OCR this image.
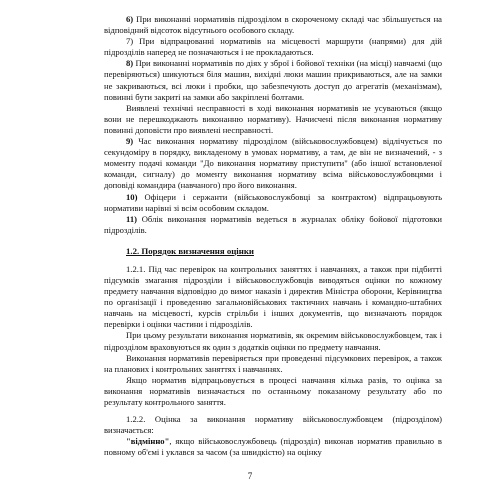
6) При виконанні нормативів підрозділом в скороченому складі час збільшується на відповідний відсоток відсутнього особового складу.

7) При відпрацюванні нормативів на місцевості маршрути (напрями) для дій підрозділів наперед не позначаються і не прокладаються.

8) При виконанні нормативів по діях у зброї і бойової техніки (на місці) навчаємі (що перевіряються) шикуються біля машин, вихідні люки машин прикриваються, але на замки не закриваються, всі люки і пробки, що забезпечують доступ до агрегатів (механізмам), повинні бути закриті на замки або закріплені болтами.

Виявлені технічні несправності в ході виконання нормативів не усуваються (якщо вони не перешкоджають виконанню нормативу). Начисчені після виконання нормативу повинні доповісти про виявлені несправності.

9) Час виконання нормативу підрозділом (військовослужбовцем) відлічується по секундоміру в порядку, викладеному в умовах нормативу, а там, де він не визначений, - з моменту подачі команди "До виконання нормативу приступити" (або іншої встановленої команди, сигналу) до моменту виконання нормативу всіма військовослужбовцями і доповіді командира (навчаного) про його виконання.

10) Офіцери і сержанти (військовослужбовці за контрактом) відпрацьовують нормативи нарівні зі всім особовим складом.

11) Облік виконання нормативів ведеться в журналах обліку бойової підготовки підрозділів.

1.2. Порядок визначення оцінки

1.2.1. Під час перевірок на контрольних заняттях і навчаннях, а також при підбитті підсумків змагання підрозділи і військовослужбовців виводяться оцінки по кожному предмету навчання відповідно до вимог наказів і директив Міністра оборони, Керівництва по організації і проведенню загальновійськових тактичних навчань і командно-штабних навчань на місцевості, курсів стрільби і інших документів, що визначають порядок перевірки і оцінки частини і підрозділів.

При цьому результати виконання нормативів, як окремим військовослужбовцем, так і підрозділом враховуються як один з додатків оцінки по предмету навчання.

Виконання нормативів перевіряється при проведенні підсумкових перевірок, а також на планових і контрольних заняттях і навчаннях.

Якщо норматив відпрацьовується в процесі навчання кілька разів, то оцінка за виконання нормативів визначається по останньому показаному результату або по результату контрольного заняття.

1.2.2. Оцінка за виконання нормативу військовослужбовцем (підрозділом) визначається:

"відмінно", якщо військовослужбовець (підрозділ) виконав норматив правильно в повному об'ємі і уклався за часом (за швидкістю) на оцінку

7
